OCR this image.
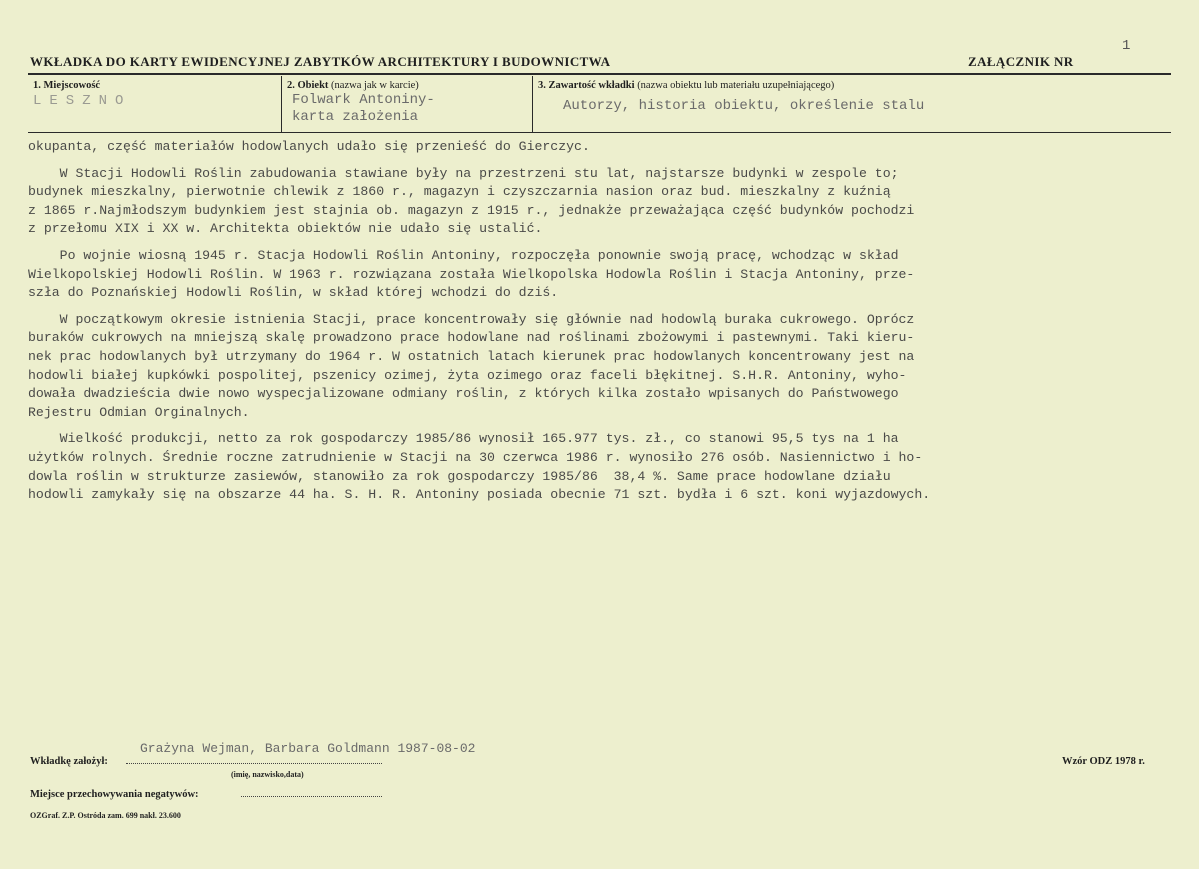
1
WKŁADKA DO KARTY EWIDENCYJNEJ ZABYTKÓW ARCHITEKTURY I BUDOWNICTWA	ZAŁĄCZNIK NR
1. Miejscowość
LESZNO
2. Obiekt (nazwa jak w karcie)
Folwark Antoniny-
karta założenia
3. Zawartość wkładki (nazwa obiektu lub materiału uzupełniającego)
Autorzy, historia obiektu, określenie stalu
okupanta, część materiałów hodowlanych udało się przenieść do Gierczyc.
W Stacji Hodowli Roślin zabudowania stawiane były na przestrzeni stu lat, najstarsze budynki w zespole to;
budynek mieszkalny, pierwotnie chlewik z 1860 r., magazyn i czyszczarnia nasion oraz bud. mieszkalny z kuźnią
z 1865 r.Najmłodszym budynkiem jest stajnia ob. magazyn z 1915 r., jednakże przeważająca część budynków pochodzi
z przełomu XIX i XX w. Architekta obiektów nie udało się ustalić.
Po wojnie wiosną 1945 r. Stacja Hodowli Roślin Antoniny, rozpoczęła ponownie swoją pracę, wchodząc w skład
Wielkopolskiej Hodowli Roślin. W 1963 r. rozwiązana została Wielkopolska Hodowla Roślin i Stacja Antoniny, prze-
szła do Poznańskiej Hodowli Roślin, w skład której wchodzi do dziś.
W początkowym okresie istnienia Stacji, prace koncentrowały się głównie nad hodowlą buraka cukrowego. Oprócz
buraków cukrowych na mniejszą skalę prowadzono prace hodowlane nad roślinami zbożowymi i pastewnymi. Taki kieru-
nek prac hodowlanych był utrzymany do 1964 r. W ostatnich latach kierunek prac hodowlanych koncentrowany jest na
hodowli białej kupkówki pospolitej, pszenicy ozimej, żyta ozimego oraz faceli błękitnej. S.H.R. Antoniny, wyho-
dowała dwadzieścia dwie nowo wyspecjalizowane odmiany roślin, z których kilka zostało wpisanych do Państwowego
Rejestru Odmian Orginalnych.
Wielkość produkcji, netto za rok gospodarczy 1985/86 wynosił 165.977 tys. zł., co stanowi 95,5 tys na 1 ha
użytków rolnych. Średnie roczne zatrudnienie w Stacji na 30 czerwca 1986 r. wynosiło 276 osób. Nasiennictwo i ho-
dowla roślin w strukturze zasiewów, stanowiło za rok gospodarczy 1985/86  38,4 %. Same prace hodowlane działu
hodowli zamykały się na obszarze 44 ha. S. H. R. Antoniny posiada obecnie 71 szt. bydła i 6 szt. koni wyjazdowych.
Wkładkę założył:
Grażyna Wejman, Barbara Goldmann 1987-08-02
(imię, nazwisko,data)
Miejsce przechowywania negatywów:
Wzór ODZ 1978 r.
OZGraf. Z.P. Ostróda zam. 699 nakł. 23.600
